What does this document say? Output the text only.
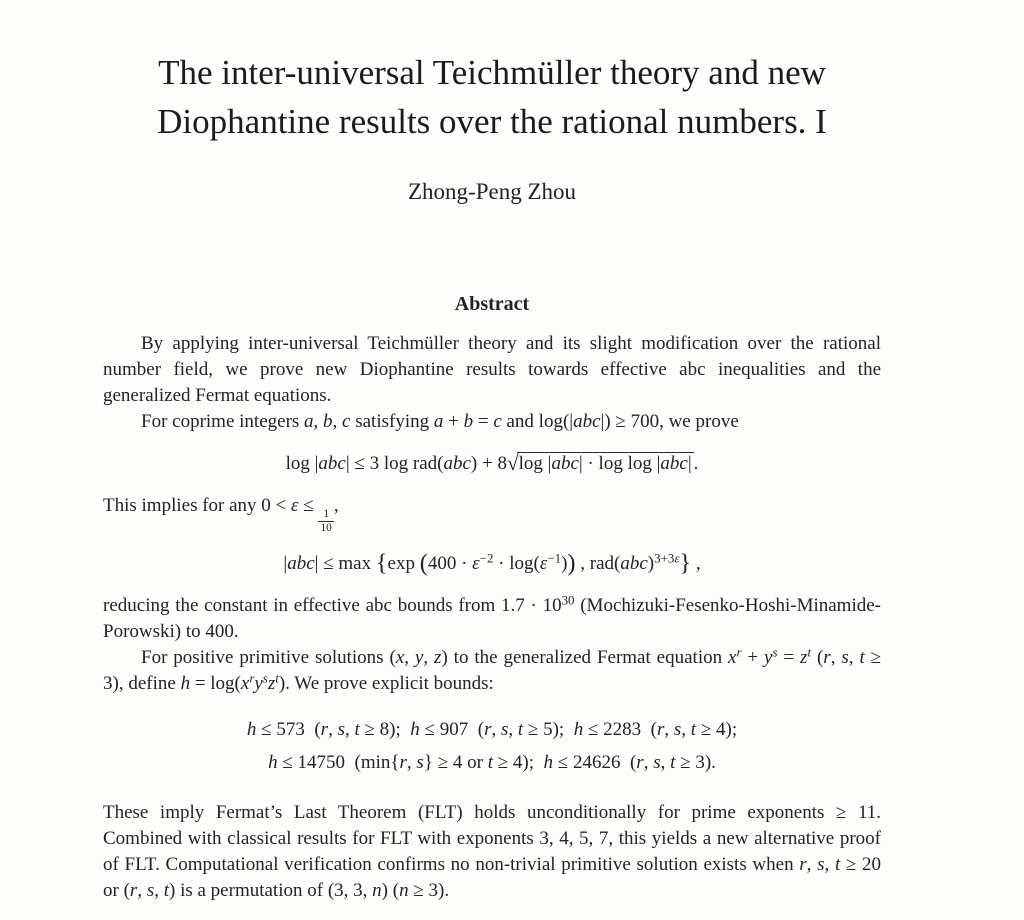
The inter-universal Teichmüller theory and new
Diophantine results over the rational numbers. I
Zhong-Peng Zhou
Abstract

By applying inter-universal Teichmüller theory and its slight modification over the rational number field, we prove new Diophantine results towards effective abc inequalities and the generalized Fermat equations.

For coprime integers a, b, c satisfying a + b = c and log(|abc|) ≥ 700, we prove

log |abc| ≤ 3 log rad(abc) + 8√log |abc| · log log |abc| .

This implies for any 0 < ε ≤
$\frac{1}{10}$
,

|abc| ≤ max {exp $(400 \cdot \varepsilon^{-2} \cdot \log(\varepsilon^{-1}))$ , rad(abc)$^{3+3\varepsilon}$} ,

reducing the constant in effective abc bounds from $1.7 \cdot 10^{30}$ (Mochizuki-Fesenko-Hoshi-Minamide-Porowski) to 400.

For positive primitive solutions (x, y, z) to the generalized Fermat equation $x^r + y^s = z^t$ (r, s, t ≥ 3), define $h = \log(x^ry^sz^t)$. We prove explicit bounds:

h ≤ 573 (r, s, t ≥ 8); h ≤ 907 (r, s, t ≥ 5); h ≤ 2283 (r, s, t ≥ 4);
h ≤ 14750 (min{r, s} ≥ 4 or t ≥ 4); h ≤ 24626 (r, s, t ≥ 3).

These imply Fermat’s Last Theorem (FLT) holds unconditionally for prime exponents ≥ 11. Combined with classical results for FLT with exponents 3, 4, 5, 7, this yields a new alternative proof of FLT. Computational verification confirms no non-trivial primitive solution exists when r, s, t ≥ 20 or (r, s, t) is a permutation of (3, 3, n) (n ≥ 3).
